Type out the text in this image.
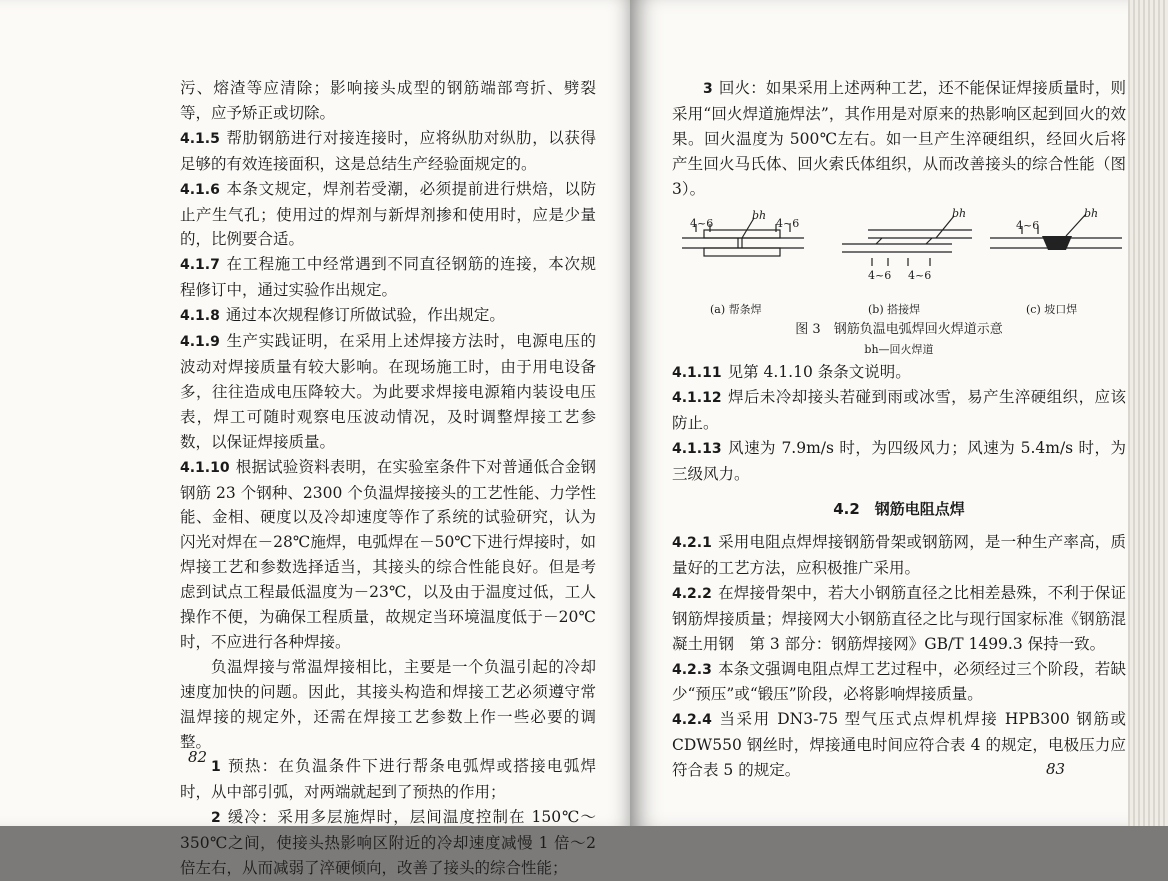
污、熔渣等应清除；影响接头成型的钢筋端部弯折、劈裂等，应予矫正或切除。

4.1.5 帮肋钢筋进行对接连接时，应将纵肋对纵肋，以获得足够的有效连接面积，这是总结生产经验面规定的。

4.1.6 本条文规定，焊剂若受潮，必须提前进行烘焙，以防止产生气孔；使用过的焊剂与新焊剂掺和使用时，应是少量的，比例要合适。

4.1.7 在工程施工中经常遇到不同直径钢筋的连接，本次规程修订中，通过实验作出规定。

4.1.8 通过本次规程修订所做试验，作出规定。

4.1.9 生产实践证明，在采用上述焊接方法时，电源电压的波动对焊接质量有较大影响。在现场施工时，由于用电设备多，往往造成电压降较大。为此要求焊接电源箱内装设电压表，焊工可随时观察电压波动情况，及时调整焊接工艺参数，以保证焊接质量。

4.1.10 根据试验资料表明，在实验室条件下对普通低合金钢钢筋 23 个钢种、2300 个负温焊接接头的工艺性能、力学性能、金相、硬度以及冷却速度等作了系统的试验研究，认为闪光对焊在－28℃施焊，电弧焊在－50℃下进行焊接时，如焊接工艺和参数选择适当，其接头的综合性能良好。但是考虑到试点工程最低温度为－23℃，以及由于温度过低，工人操作不便，为确保工程质量，故规定当环境温度低于－20℃时，不应进行各种焊接。

负温焊接与常温焊接相比，主要是一个负温引起的冷却速度加快的问题。因此，其接头构造和焊接工艺必须遵守常温焊接的规定外，还需在焊接工艺参数上作一些必要的调整。

1 预热：在负温条件下进行帮条电弧焊或搭接电弧焊时，从中部引弧，对两端就起到了预热的作用；

2 缓冷：采用多层施焊时，层间温度控制在 150℃～350℃之间，使接头热影响区附近的冷却速度减慢 1 倍～2 倍左右，从而减弱了淬硬倾向，改善了接头的综合性能；

82

3 回火：如果采用上述两种工艺，还不能保证焊接质量时，则采用“回火焊道施焊法”，其作用是对原来的热影响区起到回火的效果。回火温度为 500℃左右。如一旦产生淬硬组织，经回火后将产生回火马氏体、回火索氏体组织，从而改善接头的综合性能（图 3）。

4~6	4~6
bh
4~6 4~6
bh
4~6
bh
(a) 帮条焊	(b) 搭接焊	(c) 坡口焊

图 3　钢筋负温电弧焊回火焊道示意

bh—回火焊道

4.1.11 见第 4.1.10 条条文说明。

4.1.12 焊后未冷却接头若碰到雨或冰雪，易产生淬硬组织，应该防止。

4.1.13 风速为 7.9m/s 时，为四级风力；风速为 5.4m/s 时，为三级风力。

4.2　钢筋电阻点焊

4.2.1 采用电阻点焊焊接钢筋骨架或钢筋网，是一种生产率高，质量好的工艺方法，应积极推广采用。

4.2.2 在焊接骨架中，若大小钢筋直径之比相差悬殊，不利于保证钢筋焊接质量；焊接网大小钢筋直径之比与现行国家标准《钢筋混凝土用钢　第 3 部分：钢筋焊接网》GB/T 1499.3 保持一致。

4.2.3 本条文强调电阻点焊工艺过程中，必须经过三个阶段，若缺少“预压”或“锻压”阶段，必将影响焊接质量。

4.2.4 当采用 DN3-75 型气压式点焊机焊接 HPB300 钢筋或 CDW550 钢丝时，焊接通电时间应符合表 4 的规定，电极压力应符合表 5 的规定。	83
